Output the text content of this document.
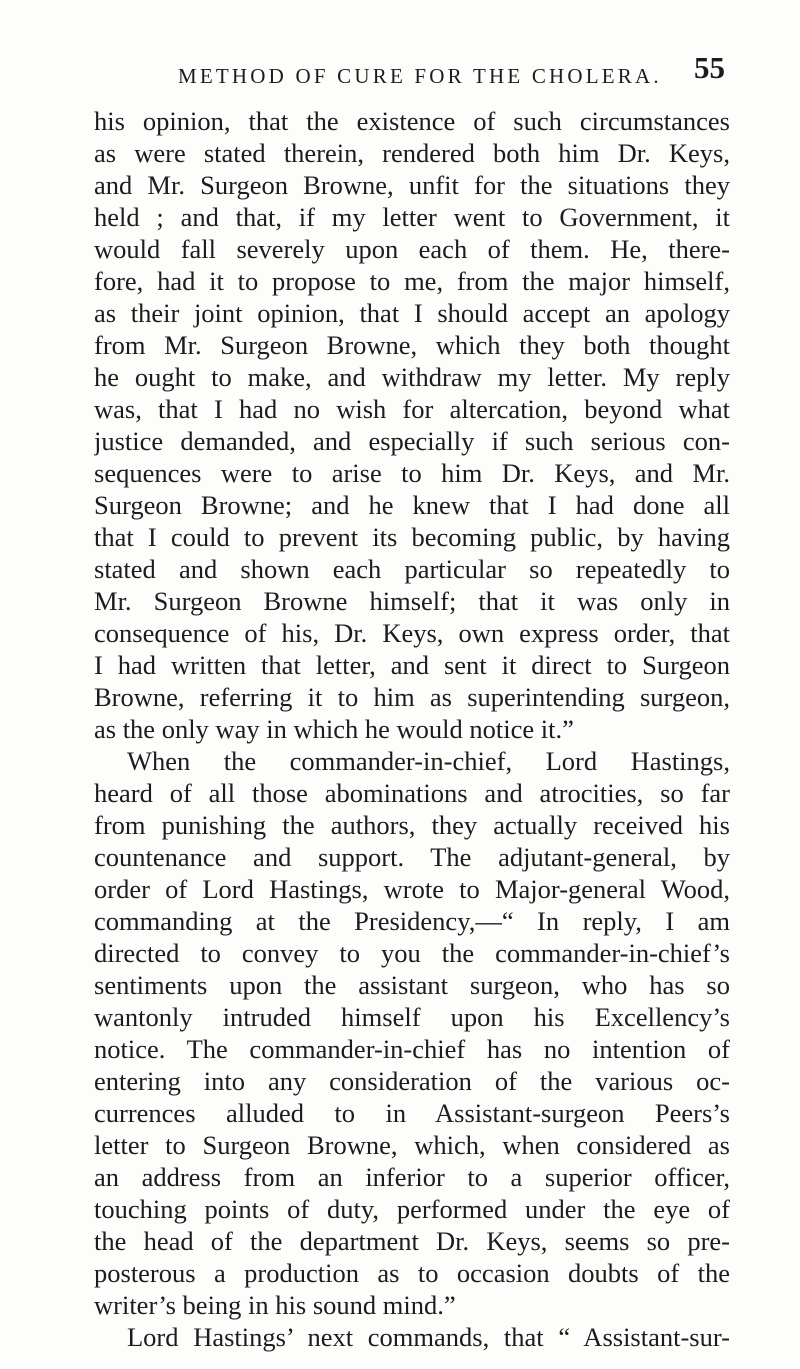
METHOD OF CURE FOR THE CHOLERA. 55
his opinion, that the existence of such circumstances
as were stated therein, rendered both him Dr. Keys,
and Mr. Surgeon Browne, unfit for the situations they
held ; and that, if my letter went to Government, it
would fall severely upon each of them. He, there-
fore, had it to propose to me, from the major himself,
as their joint opinion, that I should accept an apology
from Mr. Surgeon Browne, which they both thought
he ought to make, and withdraw my letter. My reply
was, that I had no wish for altercation, beyond what
justice demanded, and especially if such serious con-
sequences were to arise to him Dr. Keys, and Mr.
Surgeon Browne; and he knew that I had done all
that I could to prevent its becoming public, by having
stated and shown each particular so repeatedly to
Mr. Surgeon Browne himself; that it was only in
consequence of his, Dr. Keys, own express order, that
I had written that letter, and sent it direct to Surgeon
Browne, referring it to him as superintending surgeon,
as the only way in which he would notice it.”
When the commander-in-chief, Lord Hastings,
heard of all those abominations and atrocities, so far
from punishing the authors, they actually received his
countenance and support. The adjutant-general, by
order of Lord Hastings, wrote to Major-general Wood,
commanding at the Presidency,—“ In reply, I am
directed to convey to you the commander-in-chief’s
sentiments upon the assistant surgeon, who has so
wantonly intruded himself upon his Excellency’s
notice. The commander-in-chief has no intention of
entering into any consideration of the various oc-
currences alluded to in Assistant-surgeon Peers’s
letter to Surgeon Browne, which, when considered as
an address from an inferior to a superior officer,
touching points of duty, performed under the eye of
the head of the department Dr. Keys, seems so pre-
posterous a production as to occasion doubts of the
writer’s being in his sound mind.”
Lord Hastings’ next commands, that “ Assistant-sur-
